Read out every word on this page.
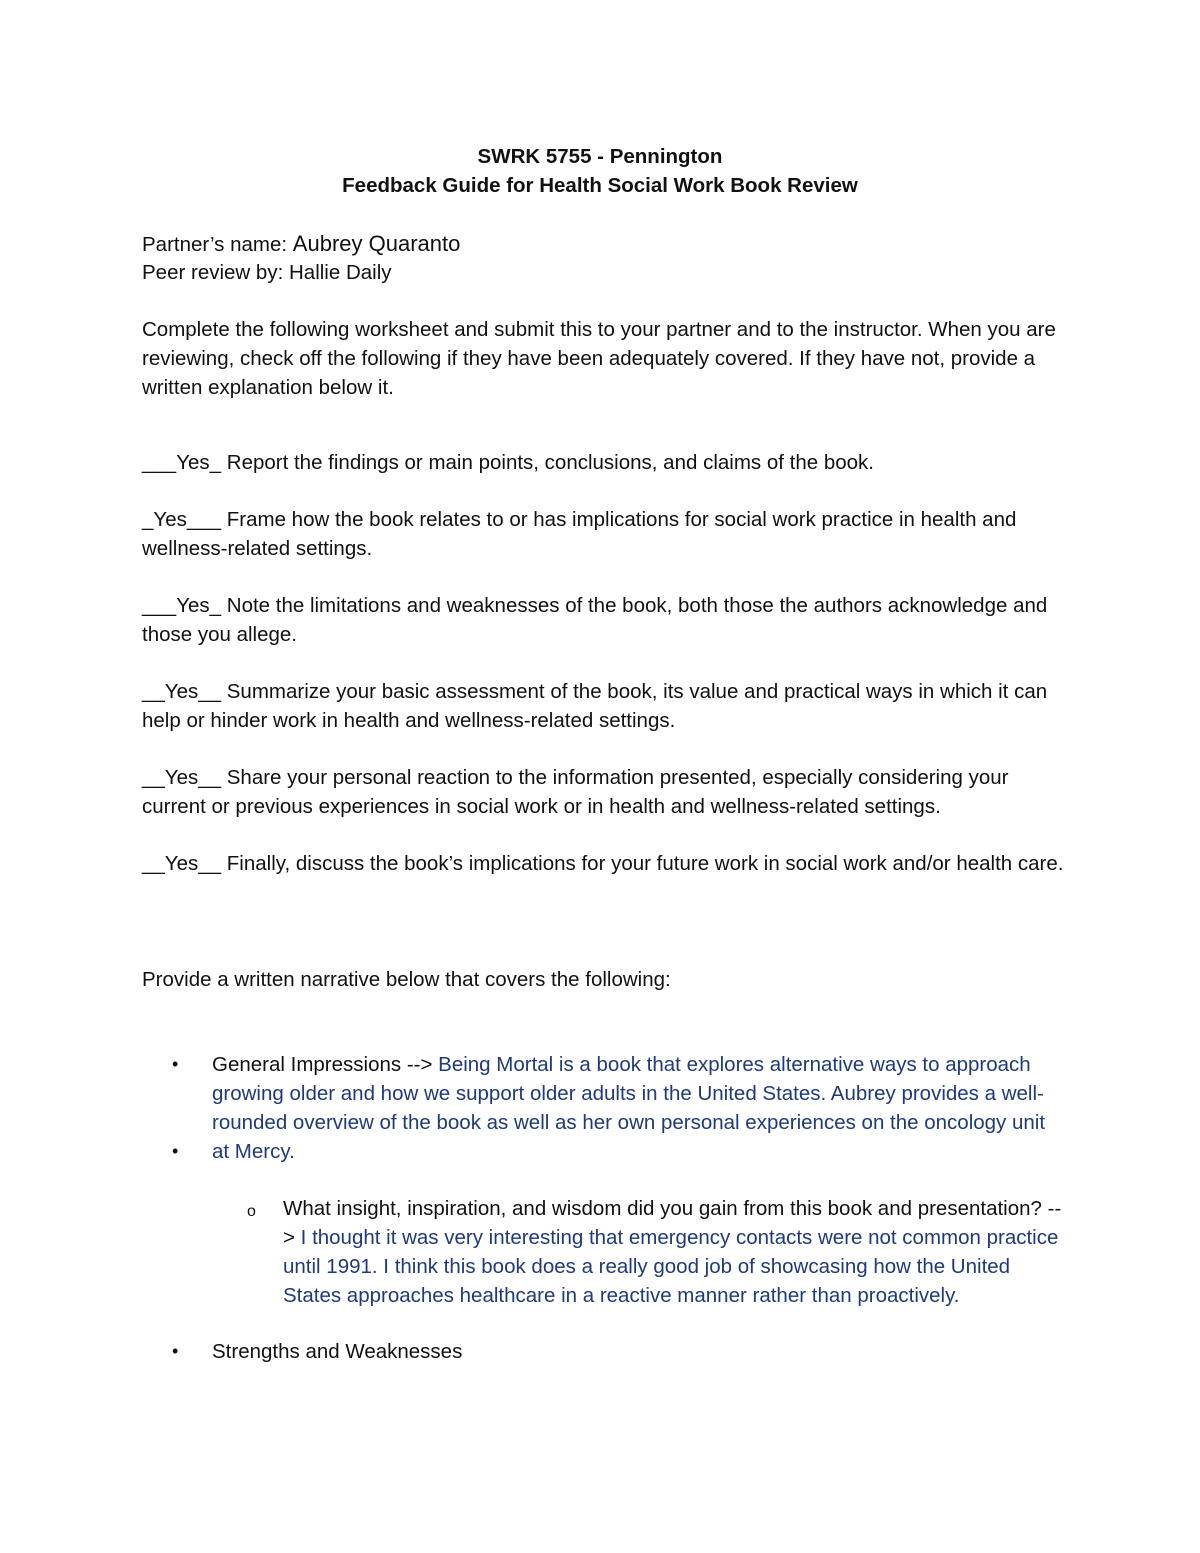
SWRK 5755 - Pennington
Feedback Guide for Health Social Work Book Review
Partner’s name: Aubrey Quaranto
Peer review by: Hallie Daily
Complete the following worksheet and submit this to your partner and to the instructor. When you are reviewing, check off the following if they have been adequately covered. If they have not, provide a written explanation below it.
___Yes_ Report the findings or main points, conclusions, and claims of the book.
_Yes___ Frame how the book relates to or has implications for social work practice in health and wellness-related settings.
___Yes_ Note the limitations and weaknesses of the book, both those the authors acknowledge and those you allege.
__Yes__ Summarize your basic assessment of the book, its value and practical ways in which it can help or hinder work in health and wellness-related settings.
__Yes__ Share your personal reaction to the information presented, especially considering your current or previous experiences in social work or in health and wellness-related settings.
__Yes__ Finally, discuss the book’s implications for your future work in social work and/or health care.
Provide a written narrative below that covers the following:
• General Impressions --> Being Mortal is a book that explores alternative ways to approach growing older and how we support older adults in the United States. Aubrey provides a well-rounded overview of the book as well as her own personal experiences on the oncology unit at Mercy.
•
o What insight, inspiration, and wisdom did you gain from this book and presentation? --> I thought it was very interesting that emergency contacts were not common practice until 1991. I think this book does a really good job of showcasing how the United States approaches healthcare in a reactive manner rather than proactively.
• Strengths and Weaknesses
